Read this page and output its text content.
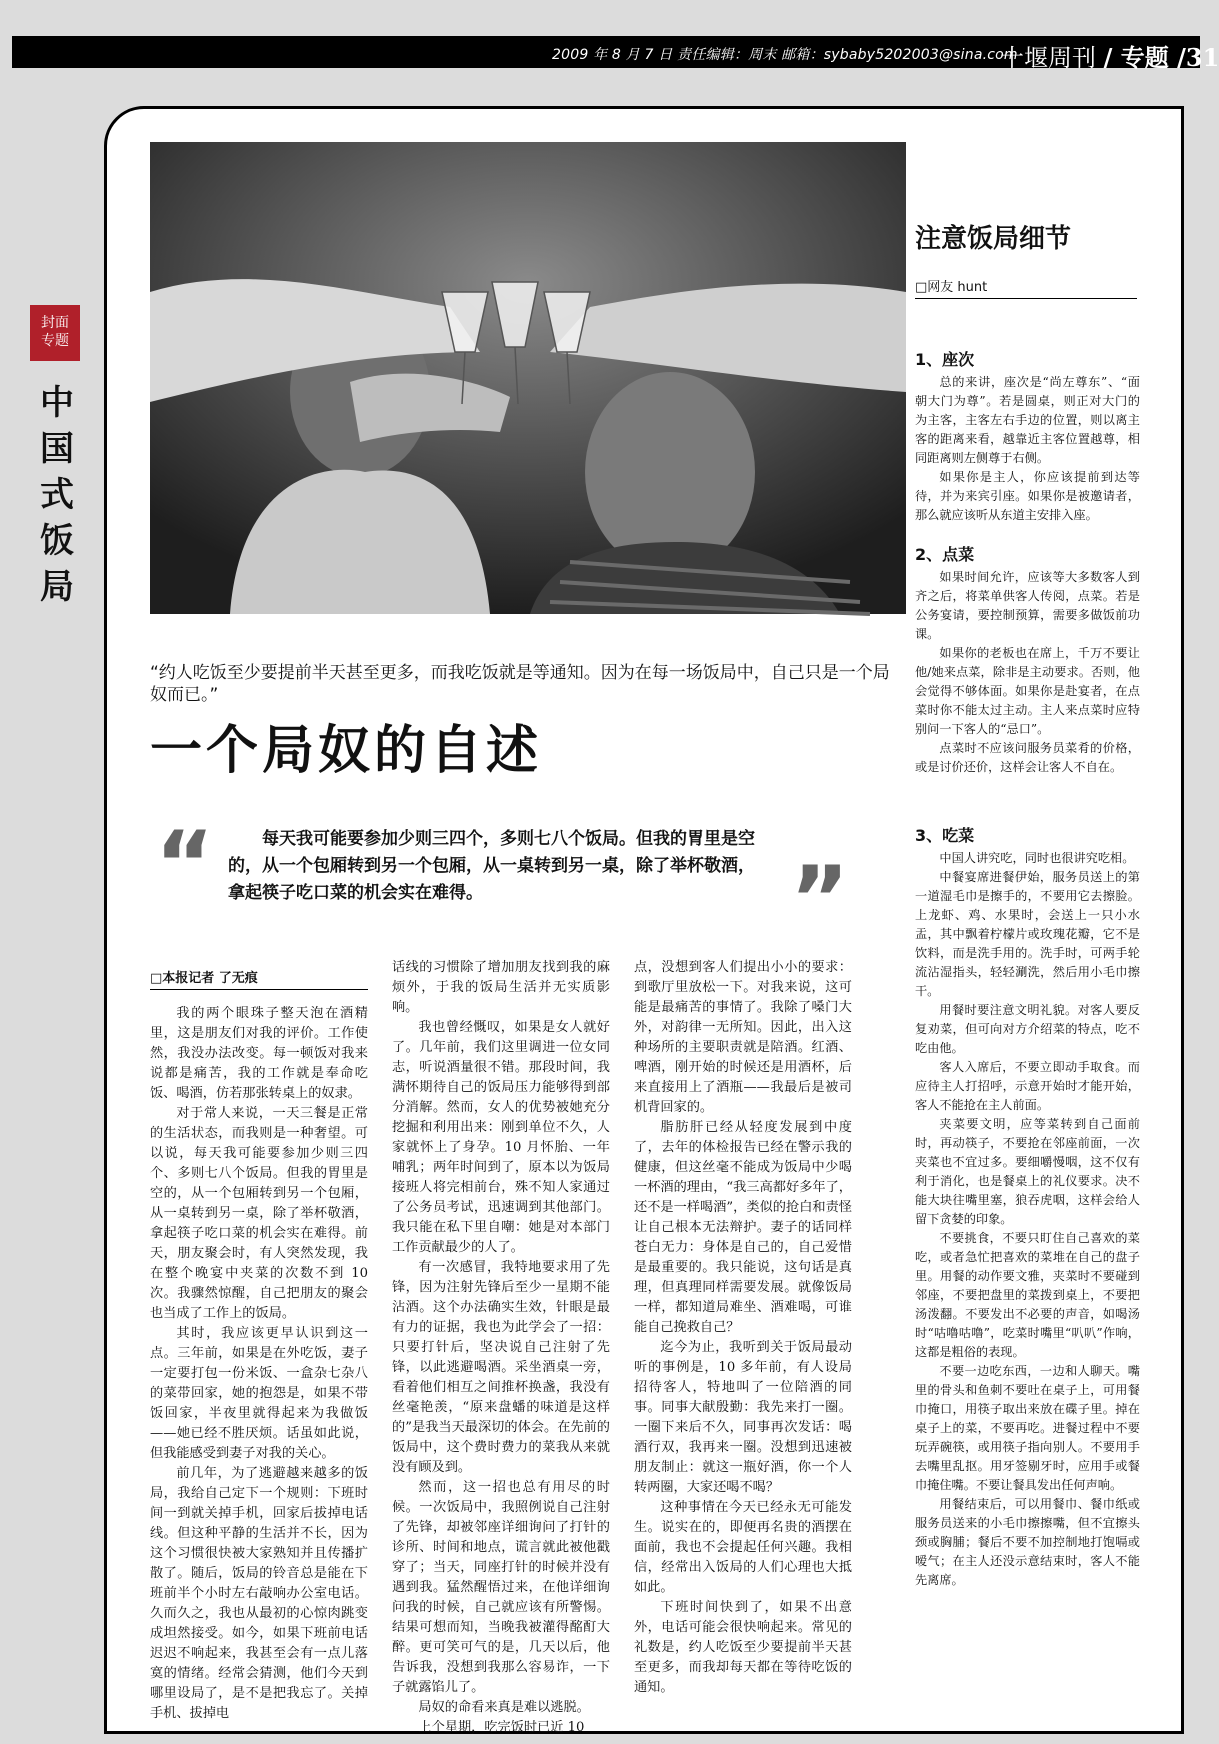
2009 年 8 月 7 日 责任编辑：周末 邮箱：sybaby5202003@sina.com
十堰周刊 / 专题 /31
封面
专题
中
国
式
饭
局
“约人吃饭至少要提前半天甚至更多，而我吃饭就是等通知。因为在每一场饭局中，自己只是一个局奴而已。”
一个局奴的自述
“	每天我可能要参加少则三四个，多则七八个饭局。但我的胃里是空的，从一个包厢转到另一个包厢，从一桌转到另一桌，除了举杯敬酒，拿起筷子吃口菜的机会实在难得。	”
□本报记者 了无痕

我的两个眼珠子整天泡在酒精里，这是朋友们对我的评价。工作使然，我没办法改变。每一顿饭对我来说都是痛苦，我的工作就是奉命吃饭、喝酒，仿若那张转桌上的奴隶。

对于常人来说，一天三餐是正常的生活状态，而我则是一种奢望。可以说，每天我可能要参加少则三四个、多则七八个饭局。但我的胃里是空的，从一个包厢转到另一个包厢，从一桌转到另一桌，除了举杯敬酒，拿起筷子吃口菜的机会实在难得。前天，朋友聚会时，有人突然发现，我在整个晚宴中夹菜的次数不到 10 次。我骤然惊醒，自己把朋友的聚会也当成了工作上的饭局。

其时，我应该更早认识到这一点。三年前，如果是在外吃饭，妻子一定要打包一份米饭、一盒杂七杂八的菜带回家，她的抱怨是，如果不带饭回家，半夜里就得起来为我做饭——她已经不胜厌烦。话虽如此说，但我能感受到妻子对我的关心。

前几年，为了逃避越来越多的饭局，我给自己定下一个规则：下班时间一到就关掉手机，回家后拔掉电话线。但这种平静的生活并不长，因为这个习惯很快被大家熟知并且传播扩散了。随后，饭局的铃音总是能在下班前半个小时左右敲响办公室电话。久而久之，我也从最初的心惊肉跳变成坦然接受。如今，如果下班前电话迟迟不响起来，我甚至会有一点儿落寞的情绪。经常会猜测，他们今天到哪里设局了，是不是把我忘了。关掉手机、拔掉电

话线的习惯除了增加朋友找到我的麻烦外，于我的饭局生活并无实质影响。

我也曾经慨叹，如果是女人就好了。几年前，我们这里调进一位女同志，听说酒量很不错。那段时间，我满怀期待自己的饭局压力能够得到部分消解。然而，女人的优势被她充分挖掘和利用出来：刚到单位不久，人家就怀上了身孕。10 月怀胎、一年哺乳；两年时间到了，原本以为饭局接班人将完相前台，殊不知人家通过了公务员考试，迅速调到其他部门。我只能在私下里自嘲：她是对本部门工作贡献最少的人了。

有一次感冒，我特地要求用了先锋，因为注射先锋后至少一星期不能沾酒。这个办法确实生效，针眼是最有力的证据，我也为此学会了一招：只要打针后，坚决说自己注射了先锋，以此逃避喝酒。采坐酒桌一旁，看着他们相互之间推杯换盏，我没有丝毫艳羡，“原来盘蟠的味道是这样的”是我当天最深切的体会。在先前的饭局中，这个费时费力的菜我从来就没有顾及到。

然而，这一招也总有用尽的时候。一次饭局中，我照例说自己注射了先锋，却被邻座详细询问了打针的诊所、时间和地点，谎言就此被他戳穿了；当天，同座打针的时候并没有遇到我。猛然醒悟过来，在他详细询问我的时候，自己就应该有所警惕。结果可想而知，当晚我被灌得酩酊大醉。更可笑可气的是，几天以后，他告诉我，没想到我那么容易诈，一下子就露馅儿了。

局奴的命看来真是难以逃脱。

上个星期，吃完饭时已近 10

点，没想到客人们提出小小的要求：到歌厅里放松一下。对我来说，这可能是最痛苦的事情了。我除了嗓门大外，对韵律一无所知。因此，出入这种场所的主要职责就是陪酒。红酒、啤酒，刚开始的时候还是用酒杯，后来直接用上了酒瓶——我最后是被司机背回家的。

脂肪肝已经从轻度发展到中度了，去年的体检报告已经在警示我的健康，但这丝毫不能成为饭局中少喝一杯酒的理由，“我三高都好多年了，还不是一样喝酒”，类似的抢白和责怪让自己根本无法辩护。妻子的话同样苍白无力：身体是自己的，自己爱惜是最重要的。我只能说，这句话是真理，但真理同样需要发展。就像饭局一样，都知道局难坐、酒难喝，可谁能自己挽救自己？

迄今为止，我听到关于饭局最动听的事例是，10 多年前，有人设局招待客人，特地叫了一位陪酒的同事。同事大献殷勤：我先来打一圈。一圈下来后不久，同事再次发话：喝酒行双，我再来一圈。没想到迅速被朋友制止：就这一瓶好酒，你一个人转两圈，大家还喝不喝？

这种事情在今天已经永无可能发生。说实在的，即便再名贵的酒摆在面前，我也不会提起任何兴趣。我相信，经常出入饭局的人们心理也大抵如此。

下班时间快到了，如果不出意外，电话可能会很快响起来。常见的礼数是，约人吃饭至少要提前半天甚至更多，而我却每天都在等待吃饭的通知。

注意饭局细节
□网友 hunt
1、座次

总的来讲，座次是“尚左尊东”、“面朝大门为尊”。若是圆桌，则正对大门的为主客，主客左右手边的位置，则以离主客的距离来看，越靠近主客位置越尊，相同距离则左侧尊于右侧。

如果你是主人，你应该提前到达等待，并为来宾引座。如果你是被邀请者，那么就应该听从东道主安排入座。

2、点菜

如果时间允许，应该等大多数客人到齐之后，将菜单供客人传阅，点菜。若是公务宴请，要控制预算，需要多做饭前功课。

如果你的老板也在席上，千万不要让他/她来点菜，除非是主动要求。否则，他会觉得不够体面。如果你是赴宴者，在点菜时你不能太过主动。主人来点菜时应特别问一下客人的“忌口”。

点菜时不应该问服务员菜肴的价格，或是讨价还价，这样会让客人不自在。

3、吃菜

中国人讲究吃，同时也很讲究吃相。

中餐宴席进餐伊始，服务员送上的第一道湿毛巾是擦手的，不要用它去擦脸。上龙虾、鸡、水果时，会送上一只小水盂，其中飘着柠檬片或玫瑰花瓣，它不是饮料，而是洗手用的。洗手时，可两手轮流沾湿指头，轻轻涮洗，然后用小毛巾擦干。

用餐时要注意文明礼貌。对客人要反复劝菜，但可向对方介绍菜的特点，吃不吃由他。

客人入席后，不要立即动手取食。而应待主人打招呼，示意开始时才能开始，客人不能抢在主人前面。

夹菜要文明，应等菜转到自己面前时，再动筷子，不要抢在邻座前面，一次夹菜也不宜过多。要细嚼慢咽，这不仅有利于消化，也是餐桌上的礼仪要求。决不能大块往嘴里塞，狼吞虎咽，这样会给人留下贪婪的印象。

不要挑食，不要只盯住自己喜欢的菜吃，或者急忙把喜欢的菜堆在自己的盘子里。用餐的动作要文雅，夹菜时不要碰到邻座，不要把盘里的菜拨到桌上，不要把汤泼翻。不要发出不必要的声音，如喝汤时“咕噜咕噜”，吃菜时嘴里“叭叭”作响，这都是粗俗的表现。

不要一边吃东西，一边和人聊天。嘴里的骨头和鱼刺不要吐在桌子上，可用餐巾掩口，用筷子取出来放在碟子里。掉在桌子上的菜，不要再吃。进餐过程中不要玩弄碗筷，或用筷子指向别人。不要用手去嘴里乱抠。用牙签剔牙时，应用手或餐巾掩住嘴。不要让餐具发出任何声响。

用餐结束后，可以用餐巾、餐巾纸或服务员送来的小毛巾擦擦嘴，但不宜擦头颈或胸脯；餐后不要不加控制地打饱嗝或嗳气；在主人还没示意结束时，客人不能先离席。
